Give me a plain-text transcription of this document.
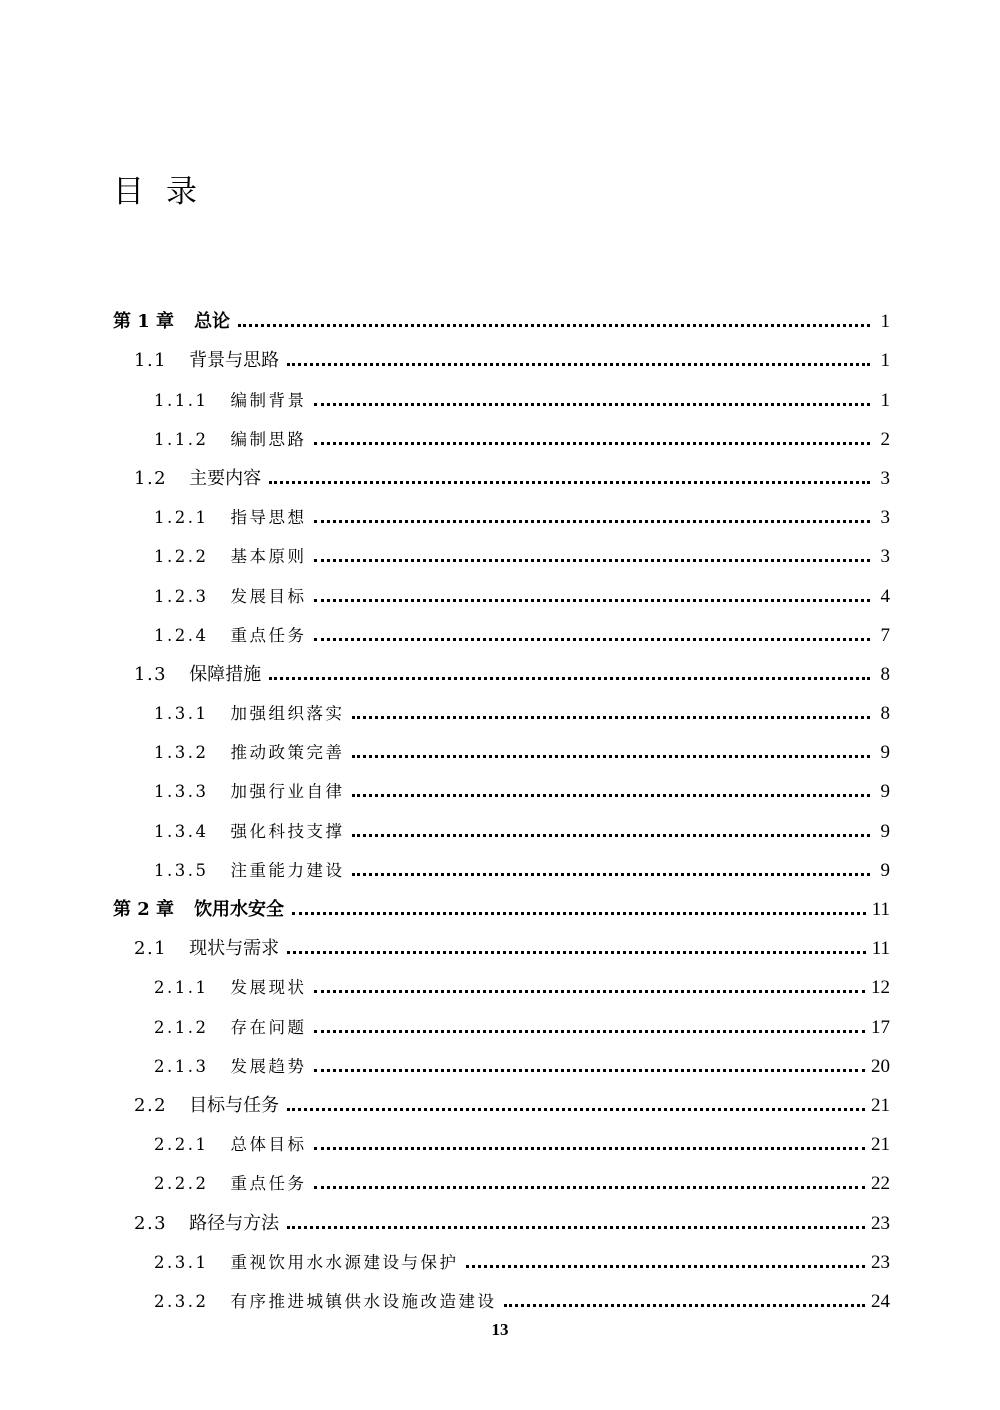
目录
第 1 章 总论	1
1.1 背景与思路	1
1.1.1 编制背景	1
1.1.2 编制思路	2
1.2 主要内容	3
1.2.1 指导思想	3
1.2.2 基本原则	3
1.2.3 发展目标	4
1.2.4 重点任务	7
1.3 保障措施	8
1.3.1 加强组织落实	8
1.3.2 推动政策完善	9
1.3.3 加强行业自律	9
1.3.4 强化科技支撑	9
1.3.5 注重能力建设	9
第 2 章 饮用水安全	11
2.1 现状与需求	11
2.1.1 发展现状	12
2.1.2 存在问题	17
2.1.3 发展趋势	20
2.2 目标与任务	21
2.2.1 总体目标	21
2.2.2 重点任务	22
2.3 路径与方法	23
2.3.1 重视饮用水水源建设与保护	23
2.3.2 有序推进城镇供水设施改造建设	24
13
